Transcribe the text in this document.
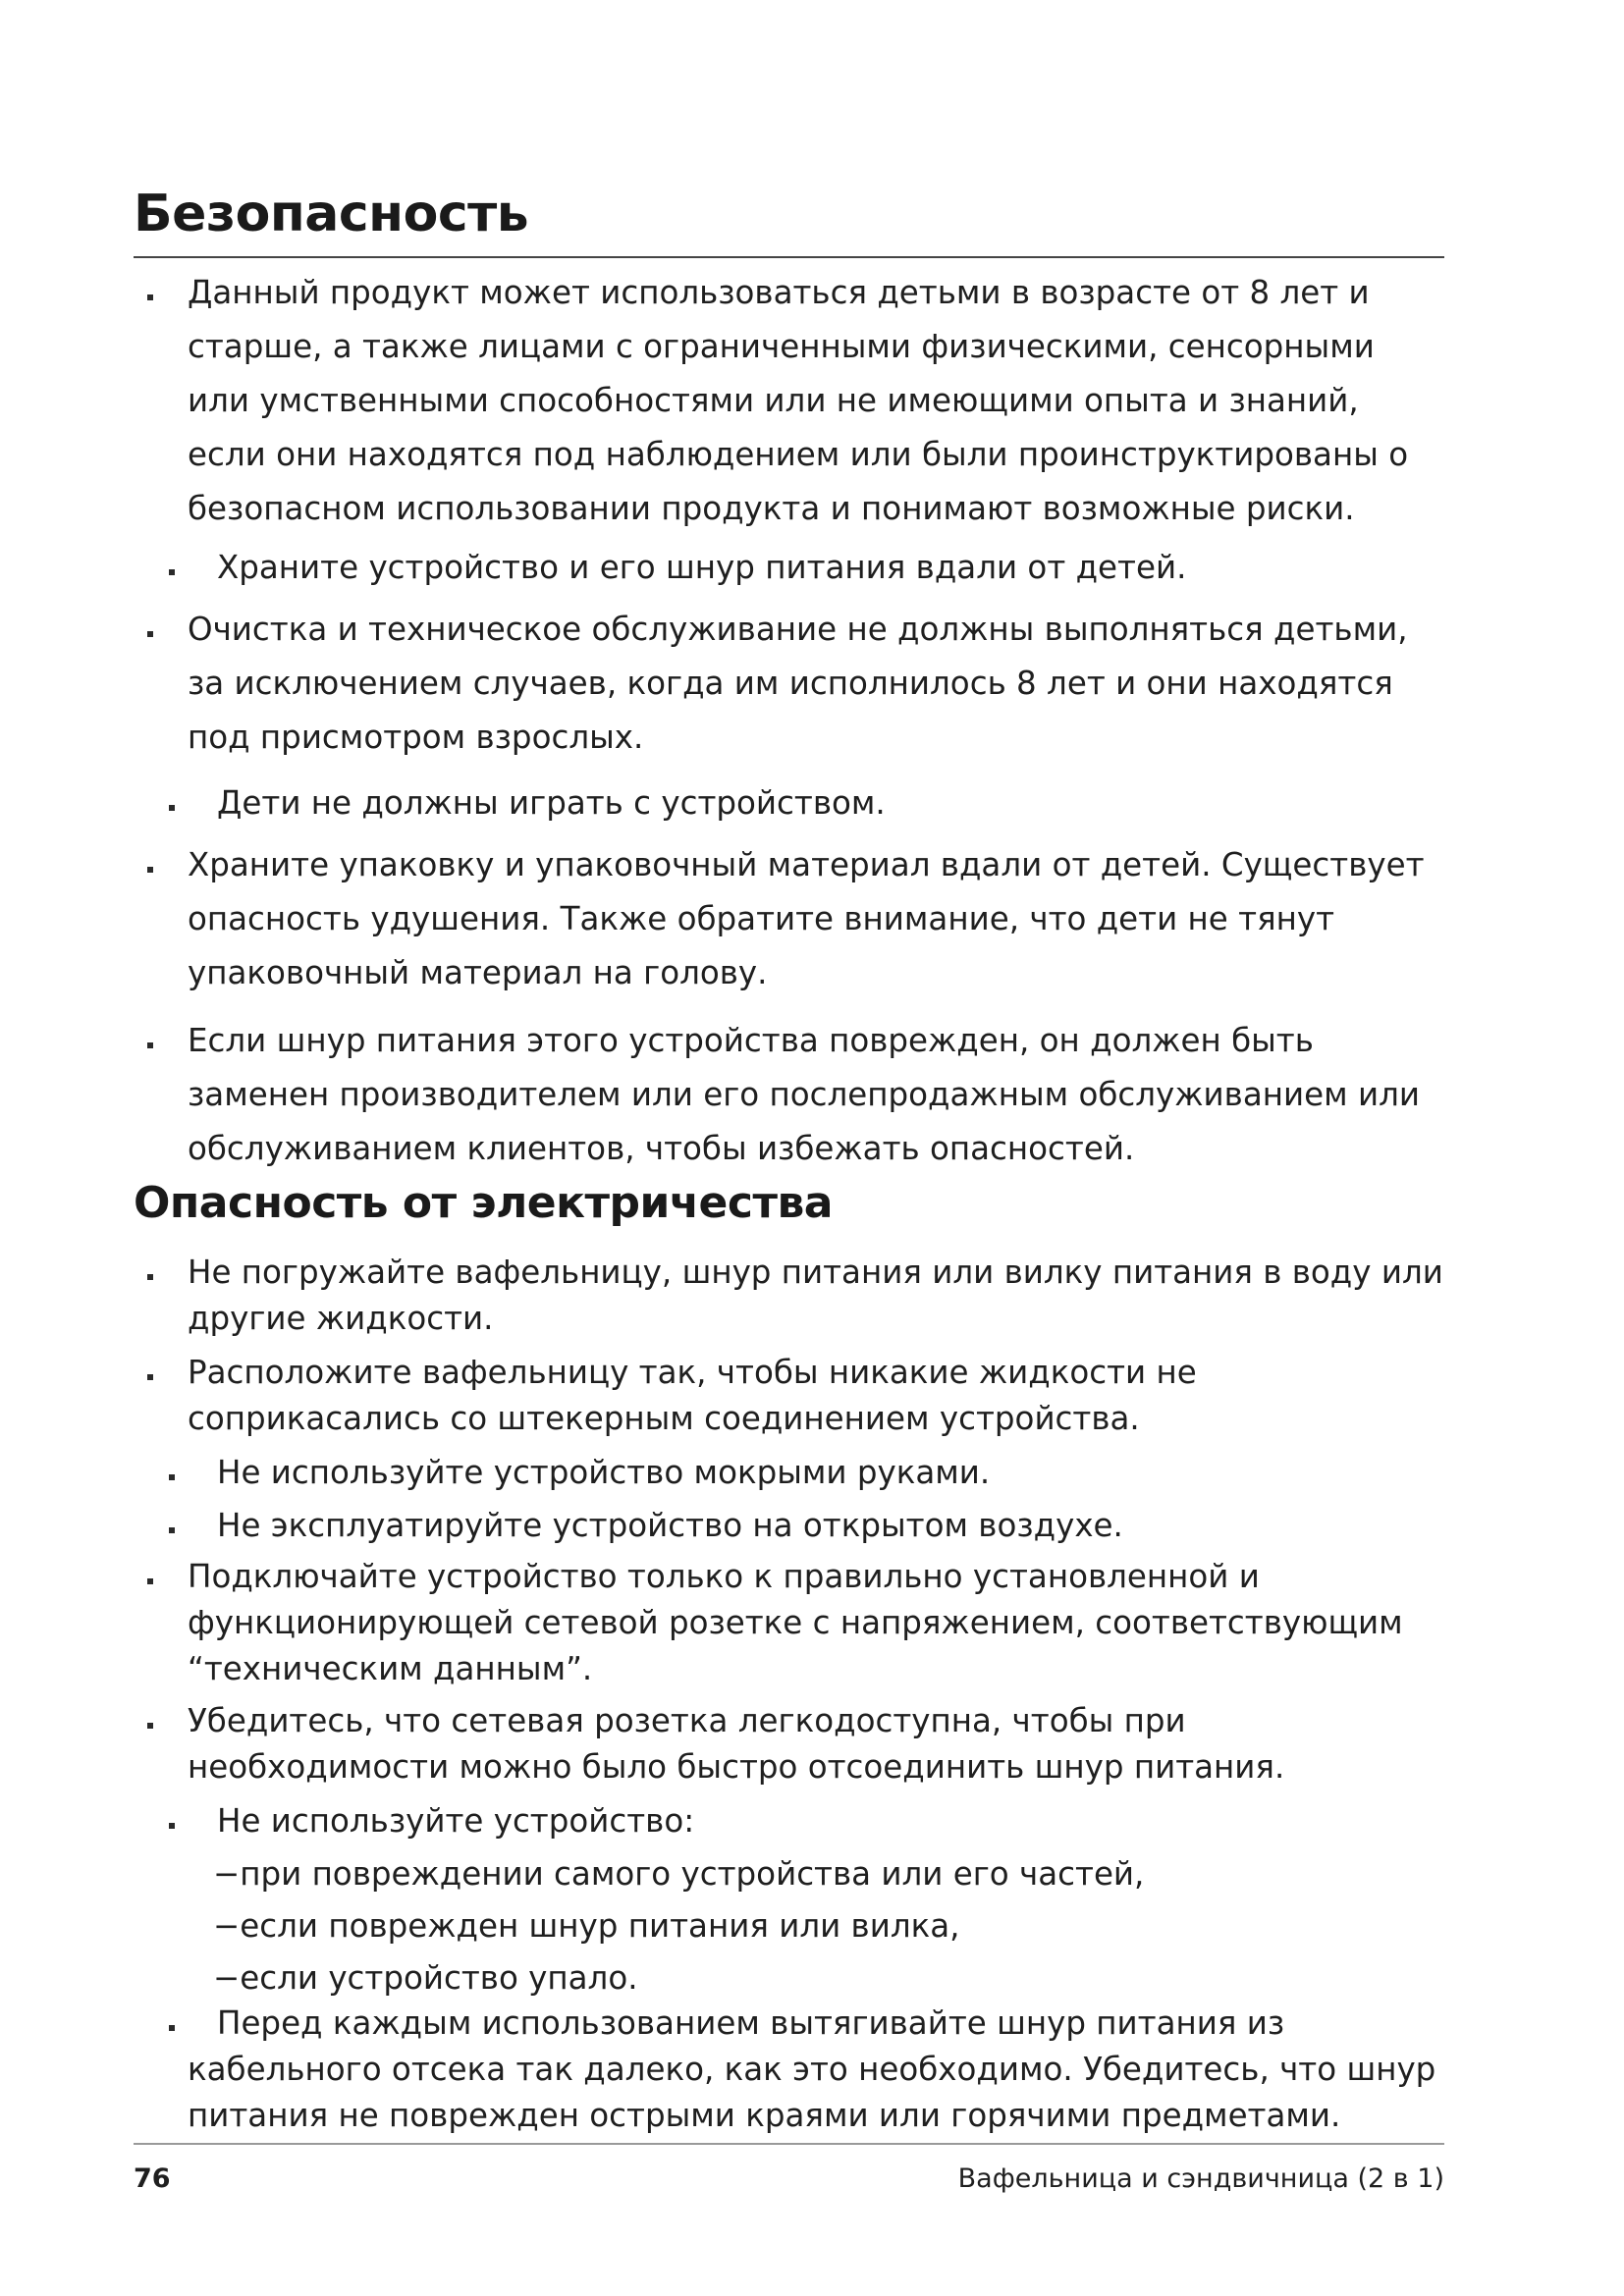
Безопасность

Данный продукт может использоваться детьми в возрасте от 8 лет и старше, а также лицами с ограниченными физическими, сенсорными или умственными способностями или не имеющими опыта и знаний, если они находятся под наблюдением или были проинструктированы о безопасном использовании продукта и понимают возможные риски.

Храните устройство и его шнур питания вдали от детей.

Очистка и техническое обслуживание не должны выполняться детьми, за исключением случаев, когда им исполнилось 8 лет и они находятся под присмотром взрослых.

Дети не должны играть с устройством.

Храните упаковку и упаковочный материал вдали от детей. Существует опасность удушения. Также обратите внимание, что дети не тянут упаковочный материал на голову.

Если шнур питания этого устройства поврежден, он должен быть заменен производителем или его послепродажным обслуживанием или обслуживанием клиентов, чтобы избежать опасностей.

Опасность от электричества

Не погружайте вафельницу, шнур питания или вилку питания в воду или другие жидкости.

Расположите вафельницу так, чтобы никакие жидкости не соприкасались со штекерным соединением устройства.

Не используйте устройство мокрыми руками.

Не эксплуатируйте устройство на открытом воздухе.

Подключайте устройство только к правильно установленной и функционирующей сетевой розетке с напряжением, соответствующим “техническим данным”.

Убедитесь, что сетевая розетка легкодоступна, чтобы при необходимости можно было быстро отсоединить шнур питания.

Не используйте устройство:

−при повреждении самого устройства или его частей,

−если поврежден шнур питания или вилка,

−если устройство упало.

Перед каждым использованием вытягивайте шнур питания из кабельного отсека так далеко, как это необходимо. Убедитесь, что шнур питания не поврежден острыми краями или горячими предметами.

76	Вафельница и сэндвичница (2 в 1)
